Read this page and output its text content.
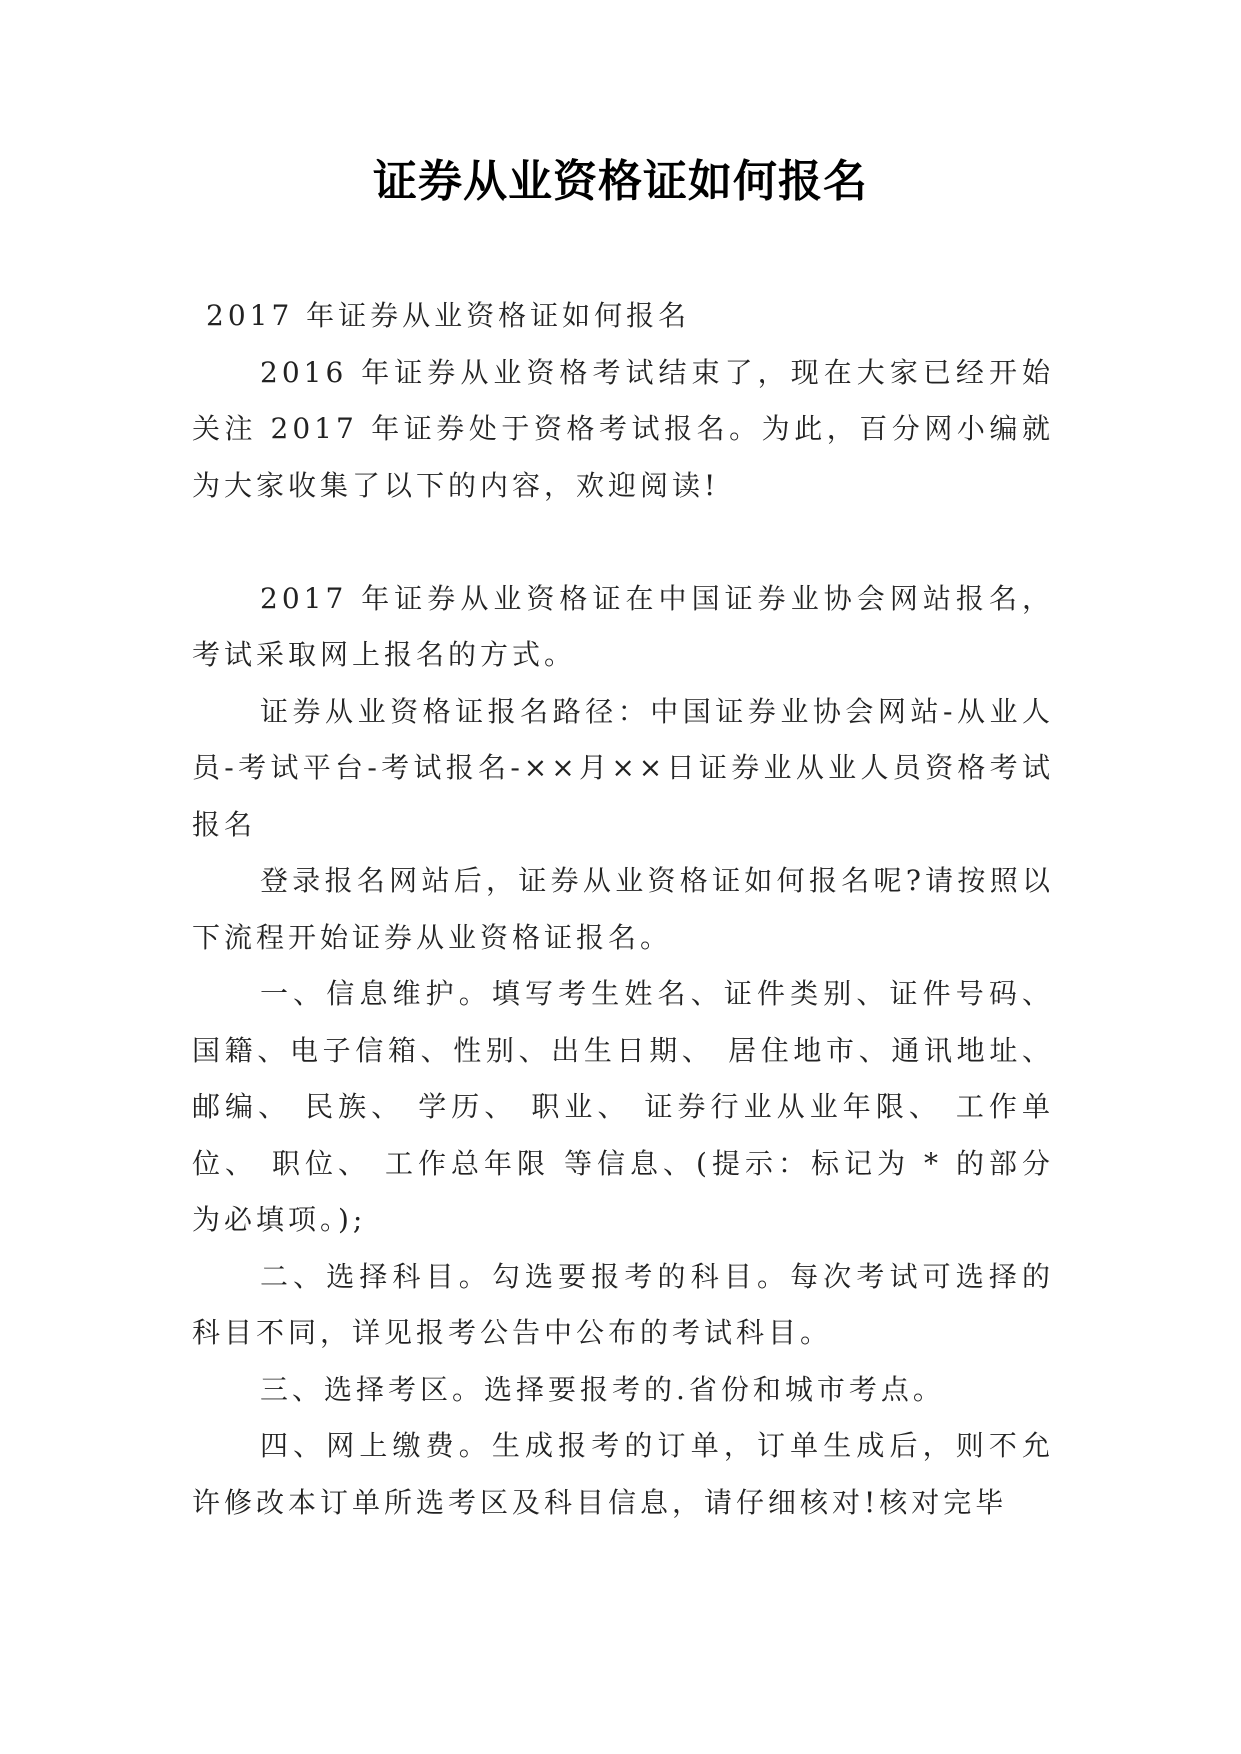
证券从业资格证如何报名

2017 年证券从业资格证如何报名

2016 年证券从业资格考试结束了，现在大家已经开始关注 2017 年证券处于资格考试报名。为此，百分网小编就为大家收集了以下的内容，欢迎阅读!

2017 年证券从业资格证在中国证券业协会网站报名，考试采取网上报名的方式。

证券从业资格证报名路径：中国证券业协会网站-从业人员-考试平台-考试报名-××月××日证券业从业人员资格考试报名

登录报名网站后，证券从业资格证如何报名呢?请按照以下流程开始证券从业资格证报名。

一、信息维护。填写考生姓名、证件类别、证件号码、国籍、电子信箱、性别、出生日期、 居住地市、通讯地址、邮编、 民族、 学历、 职业、 证券行业从业年限、 工作单位、 职位、 工作总年限 等信息、(提示：标记为 * 的部分为必填项。);

二、选择科目。勾选要报考的科目。每次考试可选择的科目不同，详见报考公告中公布的考试科目。

三、选择考区。选择要报考的.省份和城市考点。

四、网上缴费。生成报考的订单，订单生成后，则不允许修改本订单所选考区及科目信息，请仔细核对!核对完毕
